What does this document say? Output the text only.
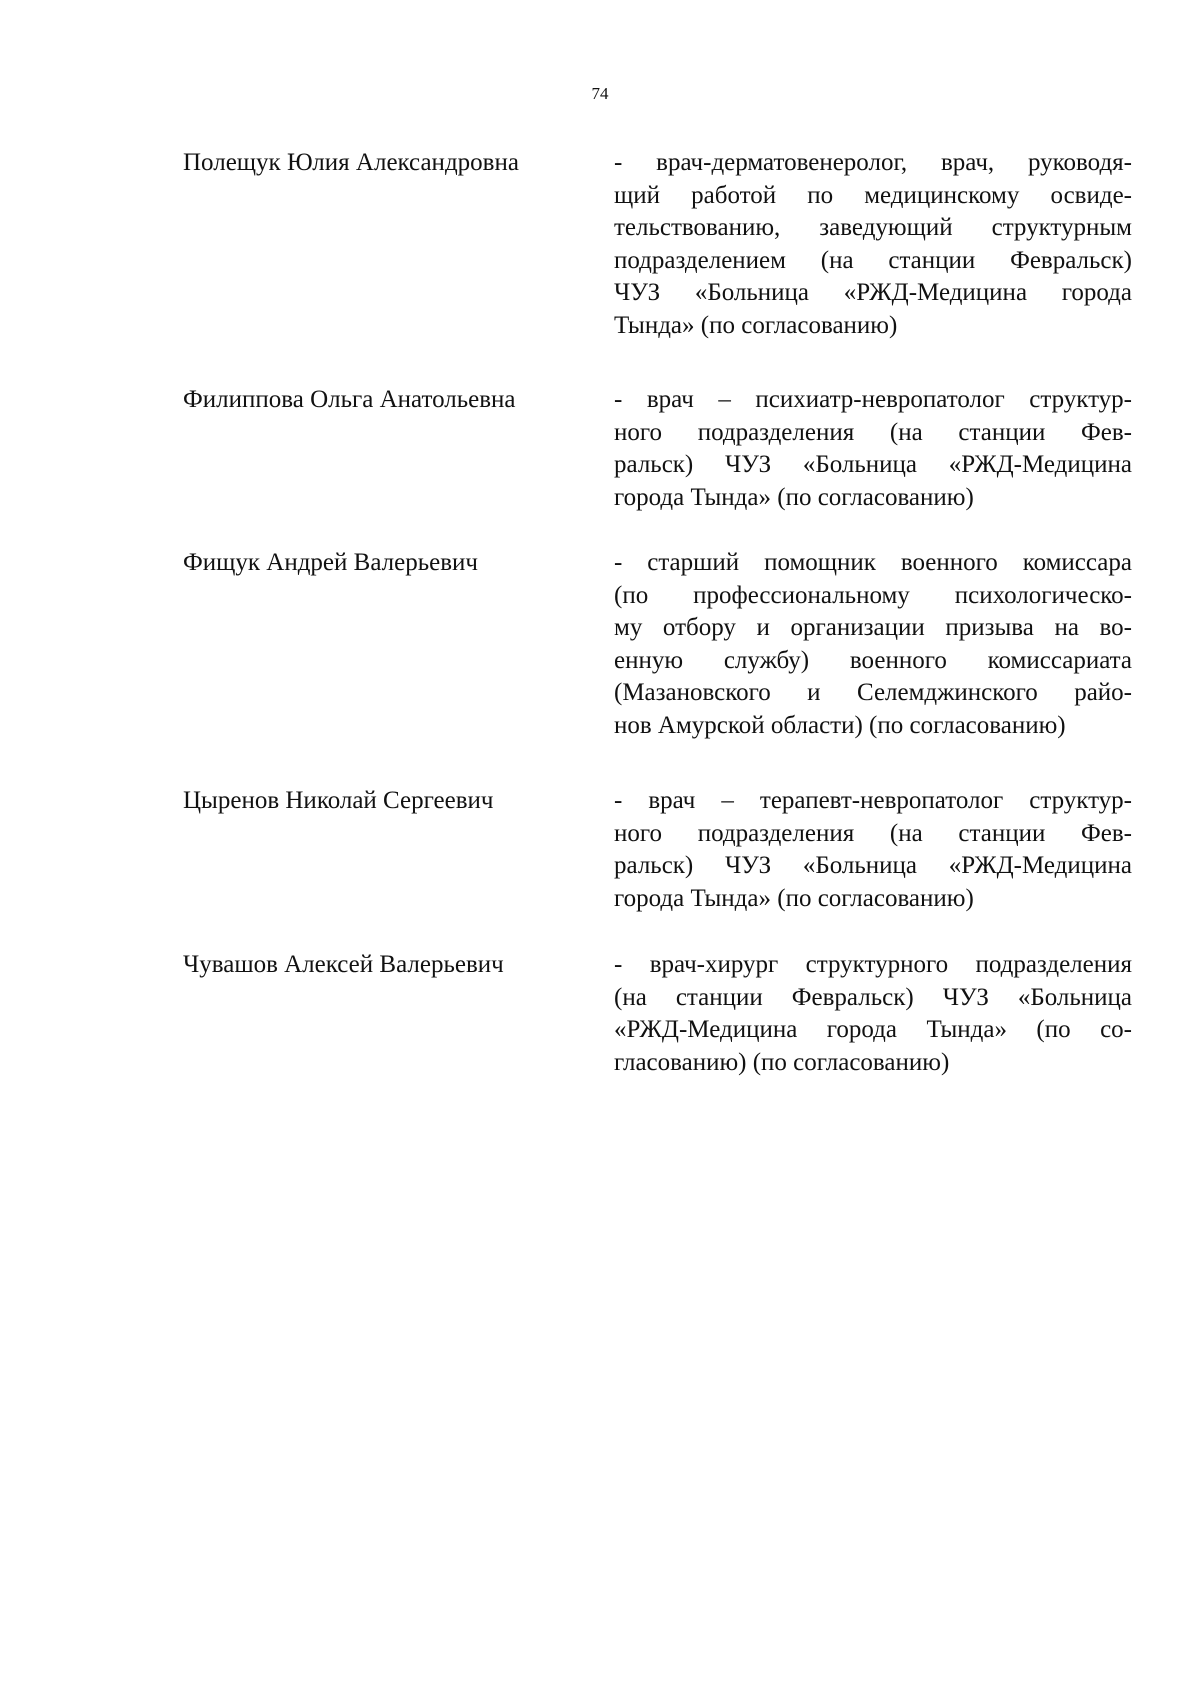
74
Полещук Юлия Александровна	- врач-дерматовенеролог, врач, руководя-
щий работой по медицинскому освиде-
тельствованию, заведующий структурным
подразделением (на станции Февральск)
ЧУЗ «Больница «РЖД-Медицина города
Тында» (по согласованию)
Филиппова Ольга Анатольевна	- врач – психиатр-невропатолог структур-
ного подразделения (на станции Фев-
ральск) ЧУЗ «Больница «РЖД-Медицина
города Тында» (по согласованию)
Фищук Андрей Валерьевич	- старший помощник военного комиссара
(по профессиональному психологическо-
му отбору и организации призыва на во-
енную службу) военного комиссариата
(Мазановского и Селемджинского райо-
нов Амурской области) (по согласованию)
Цыренов Николай Сергеевич	- врач – терапевт-невропатолог структур-
ного подразделения (на станции Фев-
ральск) ЧУЗ «Больница «РЖД-Медицина
города Тында» (по согласованию)
Чувашов Алексей Валерьевич	- врач-хирург структурного подразделения
(на станции Февральск) ЧУЗ «Больница
«РЖД-Медицина города Тында» (по со-
гласованию) (по согласованию)
